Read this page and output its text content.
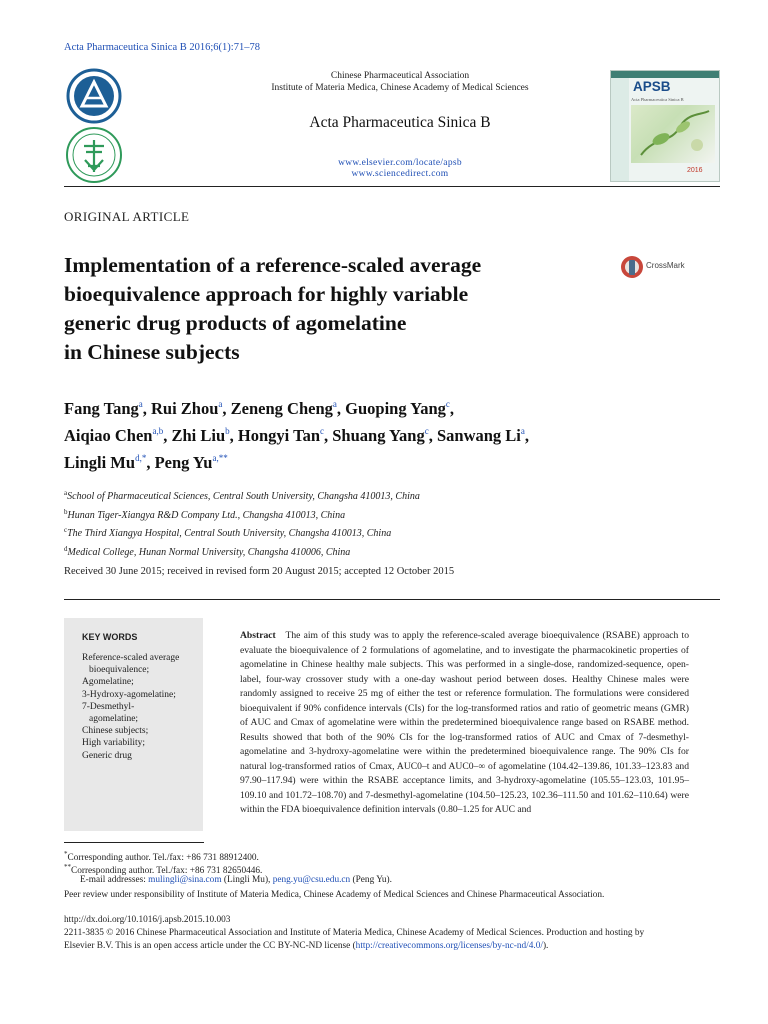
Acta Pharmaceutica Sinica B 2016;6(1):71–78
Chinese Pharmaceutical Association
Institute of Materia Medica, Chinese Academy of Medical Sciences
Acta Pharmaceutica Sinica B
www.elsevier.com/locate/apsb
www.sciencedirect.com
APSB
Acta Pharmaceutica Sinica B
2016
ORIGINAL ARTICLE
Implementation of a reference-scaled average
bioequivalence approach for highly variable
generic drug products of agomelatine
in Chinese subjects
CrossMark
Fang Tang$^a$, Rui Zhou$^a$, Zeneng Cheng$^a$, Guoping Yang$^c$,
Aiqiao Chen$^{a,b}$, Zhi Liu$^b$, Hongyi Tan$^c$, Shuang Yang$^c$, Sanwang Li$^a$,
Lingli $Mu^{d,*}$, Peng $Yu^{a,**}$
$^a$School of Pharmaceutical Sciences, Central South University, Changsha 410013, China
$^b$Hunan Tiger-Xiangya R&D Company Ltd., Changsha 410013, China
$^c$The Third Xiangya Hospital, Central South University, Changsha 410013, China
$^d$Medical College, Hunan Normal University, Changsha 410006, China
Received 30 June 2015; received in revised form 20 August 2015; accepted 12 October 2015
KEY WORDS
Reference-scaled average
bioequivalence;
Agomelatine;
3-Hydroxy-agomelatine;
7-Desmethyl-
agomelatine;
Chinese subjects;
High variability;
Generic drug
Abstract The aim of this study was to apply the reference-scaled average bioequivalence (RSABE) approach to evaluate the bioequivalence of 2 formulations of agomelatine, and to investigate the pharmacokinetic properties of agomelatine in Chinese healthy male subjects. This was performed in a single-dose, randomized-sequence, open-label, four-way crossover study with a one-day washout period between doses. Healthy Chinese males were randomly assigned to receive 25 mg of either the test or reference formulation. The formulations were considered bioequivalent if 90% confidence intervals (CIs) for the log-transformed ratios and ratio of geometric means (GMR) of AUC and Cmax of agomelatine were within the predetermined bioequivalence range based on RSABE method. Results showed that both of the 90% CIs for the log-transformed ratios of AUC and Cmax of 7-desmethyl-agomelatine and 3-hydroxy-agomelatine were within the predetermined bioequivalence range. The 90% CIs for natural log-transformed ratios of Cmax, AUC0–t and AUC0–∞ of agomelatine (104.42–139.86, 101.33–123.83 and 97.90–117.94) were within the RSABE acceptance limits, and 3-hydroxy-agomelatine (105.55–123.03, 101.95–109.10 and 101.72–108.70) and 7-desmethyl-agomelatine (104.50–125.23, 102.36–111.50 and 101.62–110.64) were within the FDA bioequivalence definition intervals (0.80–1.25 for AUC and
*Corresponding author. Tel./fax: +86 731 88912400.
**Corresponding author. Tel./fax: +86 731 82650446.
E-mail addresses: mulingli@sina.com (Lingli Mu), peng.yu@csu.edu.cn (Peng Yu).
Peer review under responsibility of Institute of Materia Medica, Chinese Academy of Medical Sciences and Chinese Pharmaceutical Association.
http://dx.doi.org/10.1016/j.apsb.2015.10.003
2211-3835 © 2016 Chinese Pharmaceutical Association and Institute of Materia Medica, Chinese Academy of Medical Sciences. Production and hosting by
Elsevier B.V. This is an open access article under the CC BY-NC-ND license (http://creativecommons.org/licenses/by-nc-nd/4.0/).
